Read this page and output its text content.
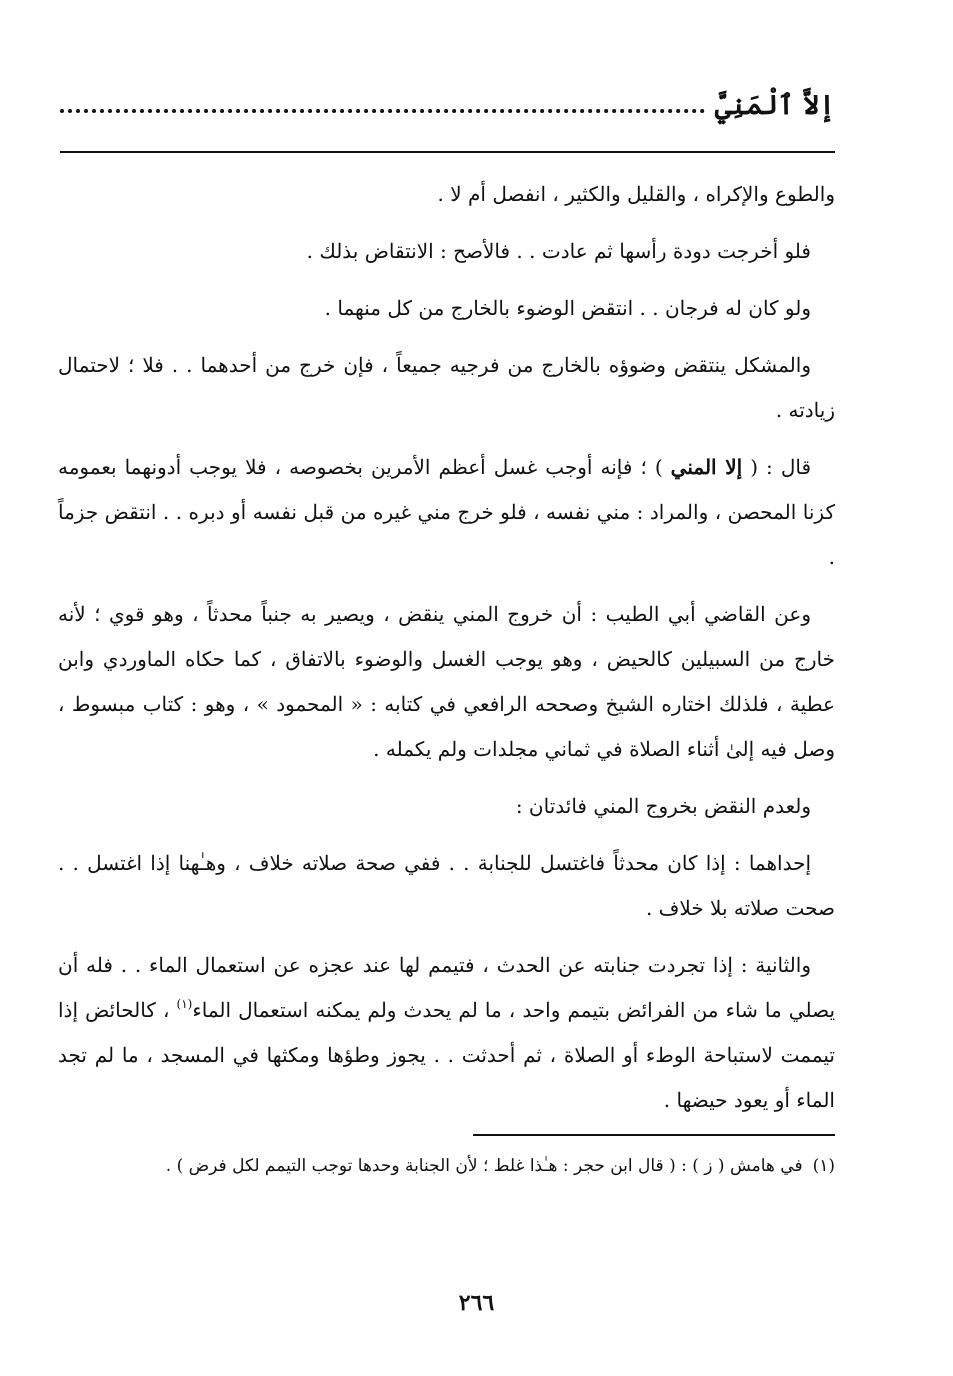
إلاَّ ٱلْمَنِيَّ

والطوع والإكراه ، والقليل والكثير ، انفصل أم لا .

فلو أخرجت دودة رأسها ثم عادت . . فالأصح : الانتقاض بذلك .

ولو كان له فرجان . . انتقض الوضوء بالخارج من كل منهما .

والمشكل ينتقض وضوؤه بالخارج من فرجيه جميعاً ، فإن خرج من أحدهما . . فلا ؛ لاحتمال زيادته .

قال : ( إلا المني ) ؛ فإنه أوجب غسل أعظم الأمرين بخصوصه ، فلا يوجب أدونهما بعمومه كزنا المحصن ، والمراد : مني نفسه ، فلو خرج مني غيره من قبل نفسه أو دبره . . انتقض جزماً .

وعن القاضي أبي الطيب : أن خروج المني ينقض ، ويصير به جنباً محدثاً ، وهو قوي ؛ لأنه خارج من السبيلين كالحيض ، وهو يوجب الغسل والوضوء بالاتفاق ، كما حكاه الماوردي وابن عطية ، فلذلك اختاره الشيخ وصححه الرافعي في كتابه : « المحمود » ، وهو : كتاب مبسوط ، وصل فيه إلىٰ أثناء الصلاة في ثماني مجلدات ولم يكمله .

ولعدم النقض بخروج المني فائدتان :

إحداهما : إذا كان محدثاً فاغتسل للجنابة . . ففي صحة صلاته خلاف ، وهـٰهنا إذا اغتسل . . صحت صلاته بلا خلاف .

والثانية : إذا تجردت جنابته عن الحدث ، فتيمم لها عند عجزه عن استعمال الماء . . فله أن يصلي ما شاء من الفرائض بتيمم واحد ، ما لم يحدث ولم يمكنه استعمال الماء$^{(١)}$ ، كالحائض إذا تيممت لاستباحة الوطء أو الصلاة ، ثم أحدثت . . يجوز وطؤها ومكثها في المسجد ، ما لم تجد الماء أو يعود حيضها .

(١)في هامش ( ز ) : ( قال ابن حجر : هـٰذا غلط ؛ لأن الجنابة وحدها توجب التيمم لكل فرض ) .
٢٦٦
